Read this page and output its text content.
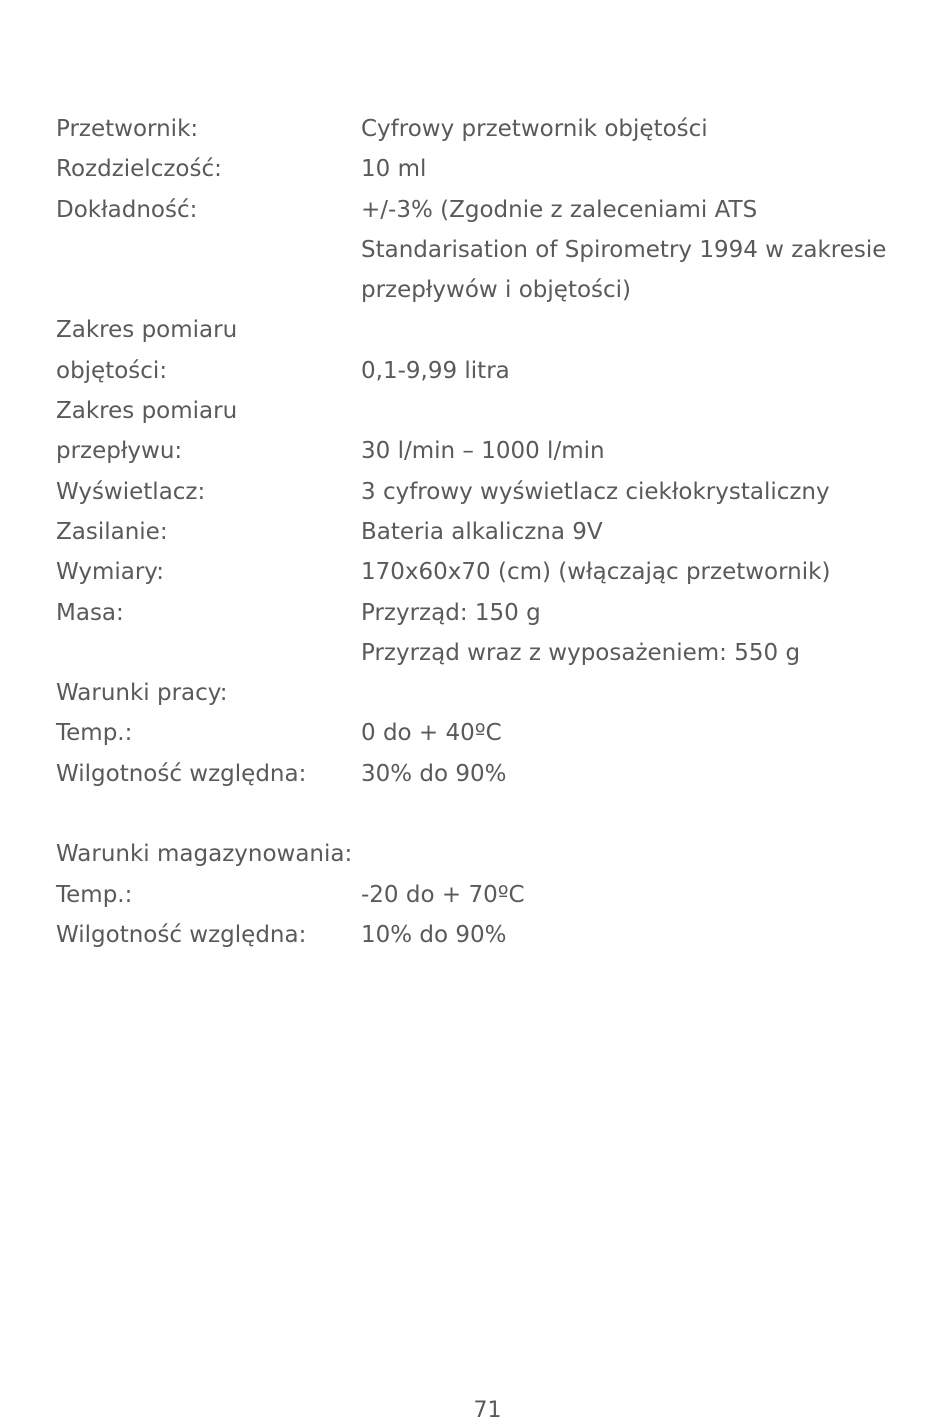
Przetwornik:	Cyfrowy przetwornik objętości
Rozdzielczość:	10 ml
Dokładność:	+/-3% (Zgodnie z zaleceniami ATS
Standarisation of Spirometry 1994 w zakresie
przepływów i objętości)
Zakres pomiaru
objętości:	0,1-9,99 litra
Zakres pomiaru
przepływu:	30 l/min – 1000 l/min
Wyświetlacz:	3 cyfrowy wyświetlacz ciekłokrystaliczny
Zasilanie:	Bateria alkaliczna 9V
Wymiary:	170x60x70 (cm) (włączając przetwornik)
Masa:	Przyrząd: 150 g
Przyrząd wraz z wyposażeniem: 550 g
Warunki pracy:
Temp.:	0 do + 40ºC
Wilgotność względna:	30% do 90%
Warunki magazynowania:
Temp.:	-20 do + 70ºC
Wilgotność względna:	10% do 90%
71
